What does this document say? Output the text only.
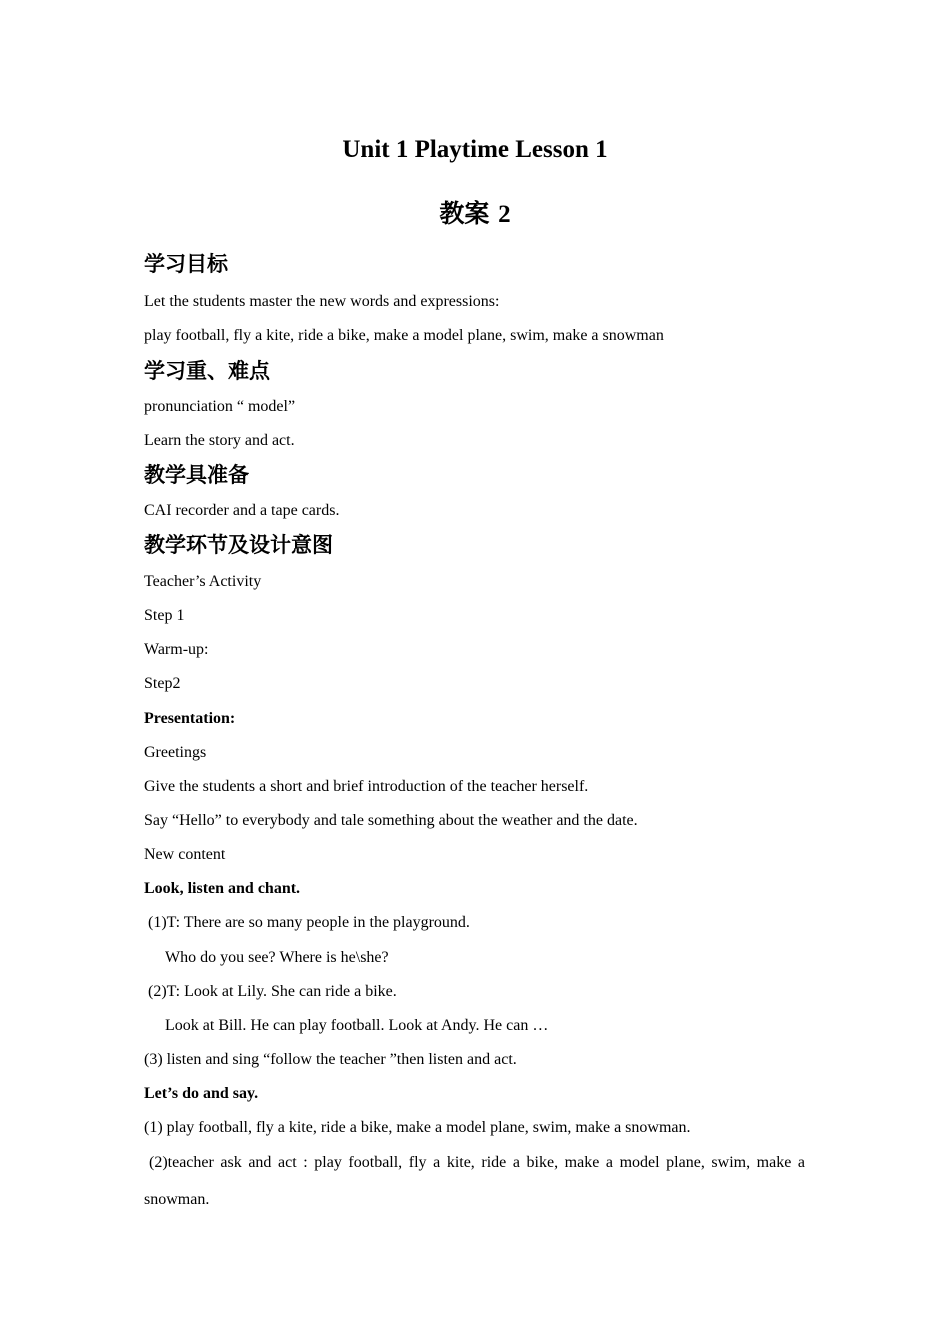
Unit 1 Playtime Lesson 1
教案 2
学习目标
Let the students master the new words and expressions:
play football, fly a kite, ride a bike, make a model plane, swim, make a snowman
学习重、难点
pronunciation “ model”
Learn the story and act.
教学具准备
CAI recorder and a tape cards.
教学环节及设计意图
Teacher’s Activity
Step 1
Warm-up:
Step2
Presentation:
Greetings
Give the students a short and brief introduction of the teacher herself.
Say “Hello” to everybody and tale something about the weather and the date.
New content
Look, listen and chant.
(1)T: There are so many people in the playground.
Who do you see? Where is he\she?
(2)T: Look at Lily. She can ride a bike.
Look at Bill. He can play football. Look at Andy. He can …
(3) listen and sing “follow the teacher ”then listen and act.
Let’s do and say.
(1) play football, fly a kite, ride a bike, make a model plane, swim, make a snowman.
(2)teacher ask and act : play football, fly a kite, ride a bike, make a model plane, swim, make a
snowman.
